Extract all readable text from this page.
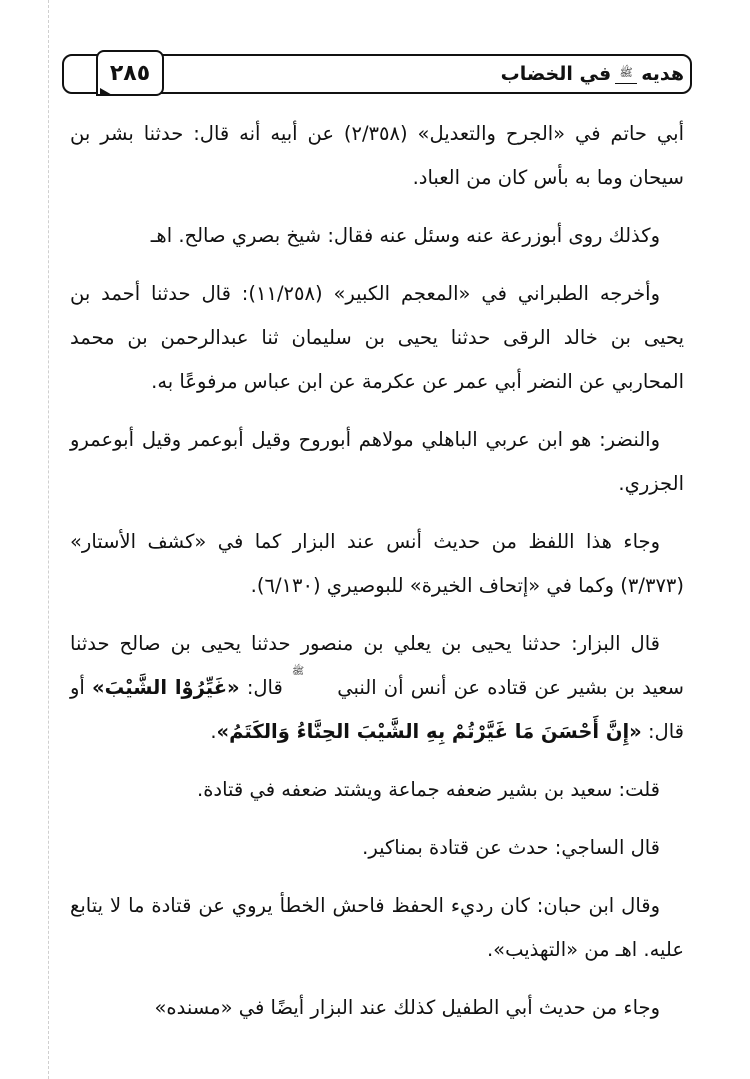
٢٨٥	هديه
ﷺ
في الخضاب

أبي حاتم في «الجرح والتعديل» (٢/٣٥٨) عن أبيه أنه قال: حدثنا بشر بن سيحان وما به بأس كان من العباد.

وكذلك روى أبوزرعة عنه وسئل عنه فقال: شيخ بصري صالح. اهـ

وأخرجه الطبراني في «المعجم الكبير» (١١/٢٥٨): قال حدثنا أحمد بن يحيى بن خالد الرقى حدثنا يحيى بن سليمان ثنا عبدالرحمن بن محمد المحاربي عن النضر أبي عمر عن عكرمة عن ابن عباس مرفوعًا به.

والنضر: هو ابن عربي الباهلي مولاهم أبوروح وقيل أبوعمر وقيل أبوعمرو الجزري.

وجاء هذا اللفظ من حديث أنس عند البزار كما في «كشف الأستار» (٣/٣٧٣) وكما في «إتحاف الخيرة» للبوصيري (٦/١٣٠).

قال البزار: حدثنا يحيى بن يعلي بن منصور حدثنا يحيى بن صالح حدثنا سعيد بن بشير عن قتاده عن أنس أن النبي ﷺ قال: «غَيِّرُوْا الشَّيْبَ» أو قال: «إِنَّ أَحْسَنَ مَا غَيَّرْتُمْ بِهِ الشَّيْبَ الحِنَّاءُ وَالكَتَمُ».

قلت: سعيد بن بشير ضعفه جماعة ويشتد ضعفه في قتادة.

قال الساجي: حدث عن قتادة بمناكير.

وقال ابن حبان: كان رديء الحفظ فاحش الخطأ يروي عن قتادة ما لا يتابع عليه. اهـ من «التهذيب».

وجاء من حديث أبي الطفيل كذلك عند البزار أيضًا في «مسنده»
